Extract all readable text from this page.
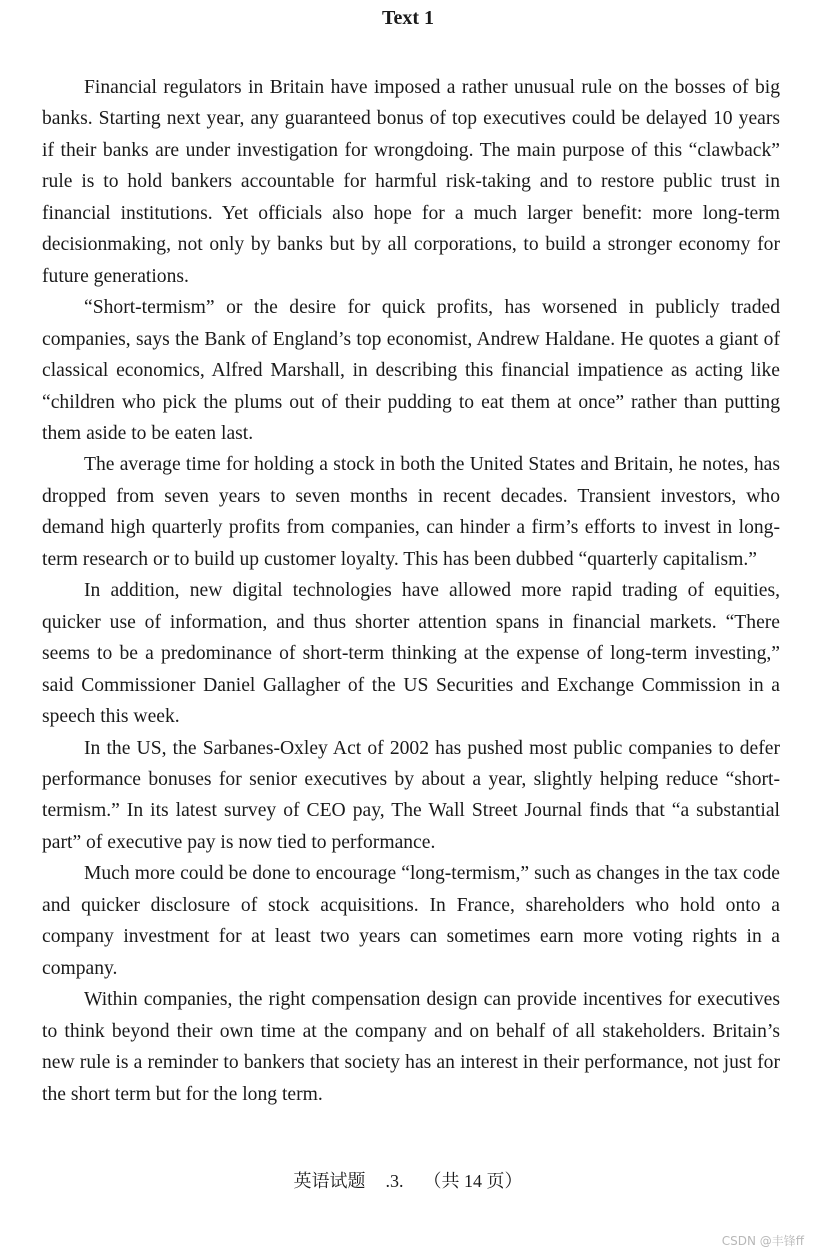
Text 1

Financial regulators in Britain have imposed a rather unusual rule on the bosses of big banks. Starting next year, any guaranteed bonus of top executives could be delayed 10 years if their banks are under investigation for wrongdoing. The main purpose of this “clawback” rule is to hold bankers accountable for harmful risk-taking and to restore public trust in financial institutions. Yet officials also hope for a much larger benefit: more long-term decisionmaking, not only by banks but by all corporations, to build a stronger economy for future generations.

“Short-termism” or the desire for quick profits, has worsened in publicly traded companies, says the Bank of England’s top economist, Andrew Haldane. He quotes a giant of classical economics, Alfred Marshall, in describing this financial impatience as acting like “children who pick the plums out of their pudding to eat them at once” rather than putting them aside to be eaten last.

The average time for holding a stock in both the United States and Britain, he notes, has dropped from seven years to seven months in recent decades. Transient investors, who demand high quarterly profits from companies, can hinder a firm’s efforts to invest in long-term research or to build up customer loyalty. This has been dubbed “quarterly capitalism.”

In addition, new digital technologies have allowed more rapid trading of equities, quicker use of information, and thus shorter attention spans in financial markets. “There seems to be a predominance of short-term thinking at the expense of long-term investing,” said Commissioner Daniel Gallagher of the US Securities and Exchange Commission in a speech this week.

In the US, the Sarbanes-Oxley Act of 2002 has pushed most public companies to defer performance bonuses for senior executives by about a year, slightly helping reduce “short-termism.” In its latest survey of CEO pay, The Wall Street Journal finds that “a substantial part” of executive pay is now tied to performance.

Much more could be done to encourage “long-termism,” such as changes in the tax code and quicker disclosure of stock acquisitions. In France, shareholders who hold onto a company investment for at least two years can sometimes earn more voting rights in a company.

Within companies, the right compensation design can provide incentives for executives to think beyond their own time at the company and on behalf of all stakeholders. Britain’s new rule is a reminder to bankers that society has an interest in their performance, not just for the short term but for the long term.

英语试题 .3. （共 14 页）
CSDN @丰锋ff
